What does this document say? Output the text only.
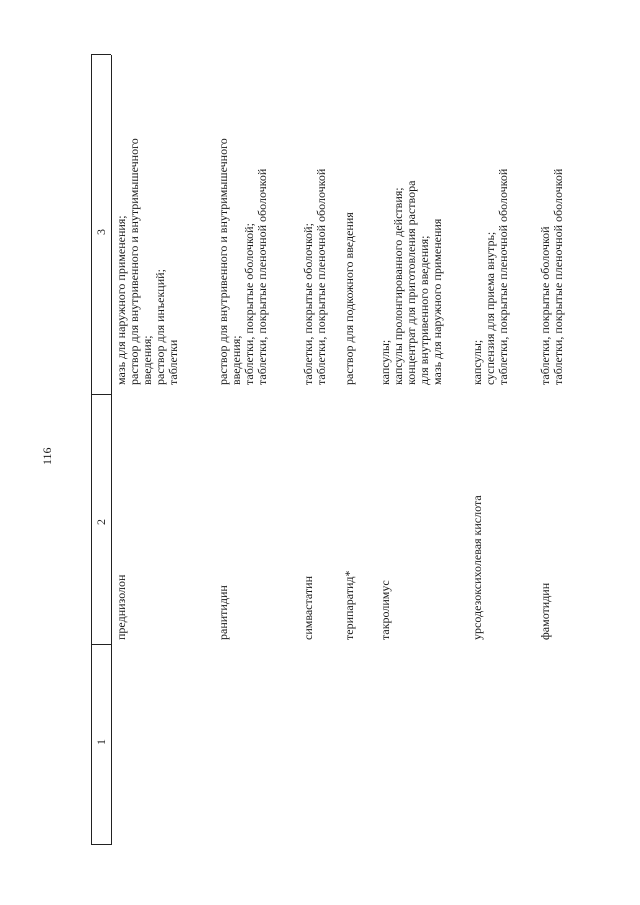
116
1
2
3
преднизолон
мазь для наружного применения; раствор для внутривенного и внутримышечного введения; раствор для инъекций; таблетки
ранитидин
раствор для внутривенного и внутримышечного введения; таблетки, покрытые оболочкой; таблетки, покрытые пленочной оболочкой
симвастатин
таблетки, покрытые оболочкой; таблетки, покрытые пленочной оболочкой
терипаратид*
раствор для подкожного введения
такролимус
капсулы; капсулы пролонгированного действия; концентрат для приготовления раствора для внутривенного введения; мазь для наружного применения
урсодезоксихолевая кислота
капсулы; суспензия для приема внутрь; таблетки, покрытые пленочной оболочкой
фамотидин
таблетки, покрытые оболочкой таблетки, покрытые пленочной оболочкой
